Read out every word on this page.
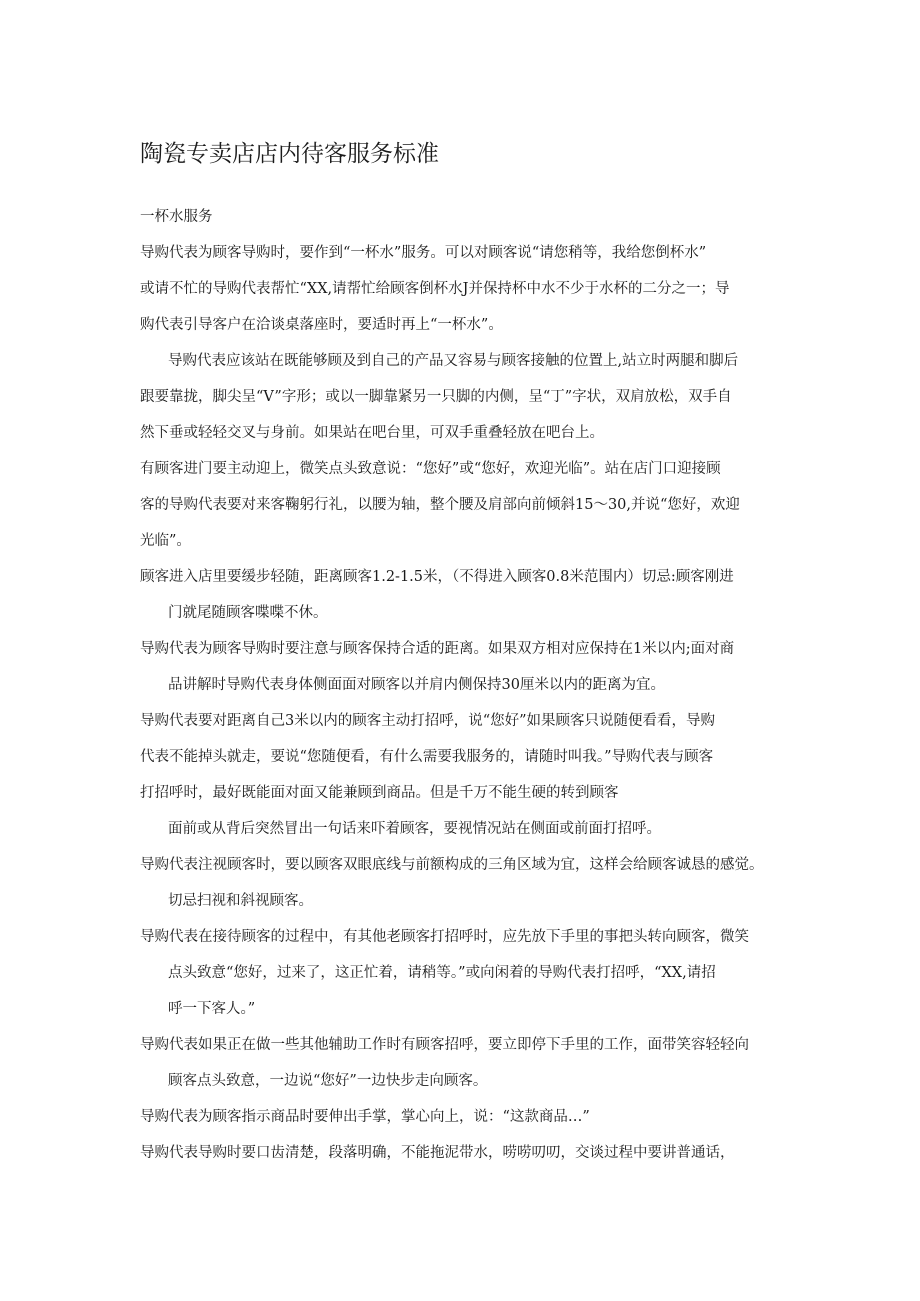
陶瓷专卖店店内待客服务标准
一杯水服务
导购代表为顾客导购时，要作到“一杯水”服务。可以对顾客说“请您稍等，我给您倒杯水”
或请不忙的导购代表帮忙“XX,请帮忙给顾客倒杯水J并保持杯中水不少于水杯的二分之一；导
购代表引导客户在洽谈桌落座时，要适时再上“一杯水”。
导购代表应该站在既能够顾及到自己的产品又容易与顾客接触的位置上,站立时两腿和脚后
跟要靠拢，脚尖呈“V”字形；或以一脚靠紧另一只脚的内侧，呈“丁”字状，双肩放松，双手自
然下垂或轻轻交叉与身前。如果站在吧台里，可双手重叠轻放在吧台上。
有顾客进门要主动迎上，微笑点头致意说：“您好”或“您好，欢迎光临”。站在店门口迎接顾
客的导购代表要对来客鞠躬行礼，以腰为轴，整个腰及肩部向前倾斜15～30,并说“您好，欢迎
光临”。
顾客进入店里要缓步轻随，距离顾客1.2-1.5米，（不得进入顾客0.8米范围内）切忌:顾客刚进
门就尾随顾客喋喋不休。
导购代表为顾客导购时要注意与顾客保持合适的距离。如果双方相对应保持在1米以内;面对商
品讲解时导购代表身体侧面面对顾客以并肩内侧保持30厘米以内的距离为宜。
导购代表要对距离自己3米以内的顾客主动打招呼，说“您好”如果顾客只说随便看看，导购
代表不能掉头就走，要说“您随便看，有什么需要我服务的，请随时叫我。”导购代表与顾客
打招呼时，最好既能面对面又能兼顾到商品。但是千万不能生硬的转到顾客
面前或从背后突然冒出一句话来吓着顾客，要视情况站在侧面或前面打招呼。
导购代表注视顾客时，要以顾客双眼底线与前额构成的三角区域为宜，这样会给顾客诚恳的感觉。
切忌扫视和斜视顾客。
导购代表在接待顾客的过程中，有其他老顾客打招呼时，应先放下手里的事把头转向顾客，微笑
点头致意“您好，过来了，这正忙着，请稍等。”或向闲着的导购代表打招呼，“XX,请招
呼一下客人。”
导购代表如果正在做一些其他辅助工作时有顾客招呼，要立即停下手里的工作，面带笑容轻轻向
顾客点头致意，一边说“您好”一边快步走向顾客。
导购代表为顾客指示商品时要伸出手掌，掌心向上，说：“这款商品…”
导购代表导购时要口齿清楚，段落明确，不能拖泥带水，唠唠叨叨，交谈过程中要讲普通话，
